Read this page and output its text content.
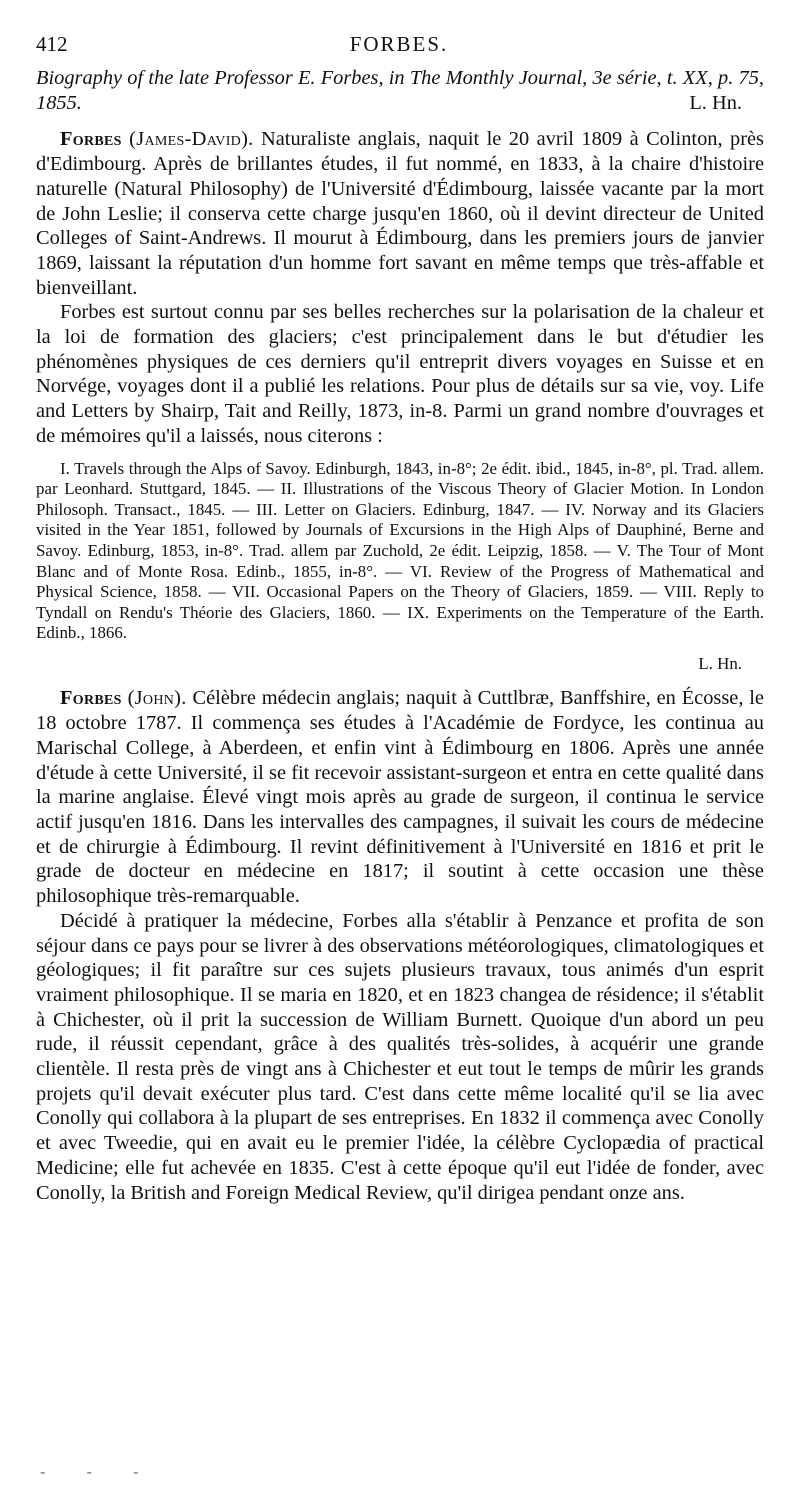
412	FORBES.

Biography of the late Professor E. Forbes, in The Monthly Journal, 3e série, t. XX, p. 75, 1855.	L. Hn.

Forbes (James-David). Naturaliste anglais, naquit le 20 avril 1809 à Colinton, près d'Edimbourg. Après de brillantes études, il fut nommé, en 1833, à la chaire d'histoire naturelle (Natural Philosophy) de l'Université d'Édimbourg, laissée vacante par la mort de John Leslie; il conserva cette charge jusqu'en 1860, où il devint directeur de United Colleges of Saint-Andrews. Il mourut à Édimbourg, dans les premiers jours de janvier 1869, laissant la réputation d'un homme fort savant en même temps que très-affable et bienveillant.

Forbes est surtout connu par ses belles recherches sur la polarisation de la chaleur et la loi de formation des glaciers; c'est principalement dans le but d'étudier les phénomènes physiques de ces derniers qu'il entreprit divers voyages en Suisse et en Norvége, voyages dont il a publié les relations. Pour plus de détails sur sa vie, voy. Life and Letters by Shairp, Tait and Reilly, 1873, in-8. Parmi un grand nombre d'ouvrages et de mémoires qu'il a laissés, nous citerons :

I. Travels through the Alps of Savoy. Edinburgh, 1843, in-8°; 2e édit. ibid., 1845, in-8°, pl. Trad. allem. par Leonhard. Stuttgard, 1845. — II. Illustrations of the Viscous Theory of Glacier Motion. In London Philosoph. Transact., 1845. — III. Letter on Glaciers. Edinburg, 1847. — IV. Norway and its Glaciers visited in the Year 1851, followed by Journals of Excursions in the High Alps of Dauphiné, Berne and Savoy. Edinburg, 1853, in-8°. Trad. allem par Zuchold, 2e édit. Leipzig, 1858. — V. The Tour of Mont Blanc and of Monte Rosa. Edinb., 1855, in-8°. — VI. Review of the Progress of Mathematical and Physical Science, 1858. — VII. Occasional Papers on the Theory of Glaciers, 1859. — VIII. Reply to Tyndall on Rendu's Théorie des Glaciers, 1860. — IX. Experiments on the Temperature of the Earth. Edinb., 1866.

L. Hn.

Forbes (John). Célèbre médecin anglais; naquit à Cuttlbræ, Banffshire, en Écosse, le 18 octobre 1787. Il commença ses études à l'Académie de Fordyce, les continua au Marischal College, à Aberdeen, et enfin vint à Édimbourg en 1806. Après une année d'étude à cette Université, il se fit recevoir assistant-surgeon et entra en cette qualité dans la marine anglaise. Élevé vingt mois après au grade de surgeon, il continua le service actif jusqu'en 1816. Dans les intervalles des campagnes, il suivait les cours de médecine et de chirurgie à Édimbourg. Il revint définitivement à l'Université en 1816 et prit le grade de docteur en médecine en 1817; il soutint à cette occasion une thèse philosophique très-remarquable.

Décidé à pratiquer la médecine, Forbes alla s'établir à Penzance et profita de son séjour dans ce pays pour se livrer à des observations météorologiques, climatologiques et géologiques; il fit paraître sur ces sujets plusieurs travaux, tous animés d'un esprit vraiment philosophique. Il se maria en 1820, et en 1823 changea de résidence; il s'établit à Chichester, où il prit la succession de William Burnett. Quoique d'un abord un peu rude, il réussit cependant, grâce à des qualités très-solides, à acquérir une grande clientèle. Il resta près de vingt ans à Chichester et eut tout le temps de mûrir les grands projets qu'il devait exécuter plus tard. C'est dans cette même localité qu'il se lia avec Conolly qui collabora à la plupart de ses entreprises. En 1832 il commença avec Conolly et avec Tweedie, qui en avait eu le premier l'idée, la célèbre Cyclopædia of practical Medicine; elle fut achevée en 1835. C'est à cette époque qu'il eut l'idée de fonder, avec Conolly, la British and Foreign Medical Review, qu'il dirigea pendant onze ans.

- - -
